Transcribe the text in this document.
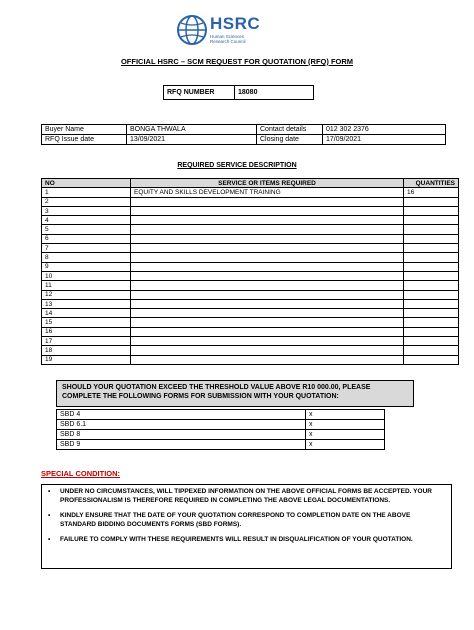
HSRC
Human Sciences
Research Council
OFFICIAL HSRC – SCM REQUEST FOR QUOTATION (RFQ) FORM
RFQ NUMBER	18080
Buyer Name	BONGA THWALA	Contact details	012 302 2376
RFQ Issue date	13/09/2021	Closing date	17/09/2021
REQUIRED SERVICE DESCRIPTION
NO	SERVICE OR ITEMS REQUIRED	QUANTITIES
1	EQUITY AND SKILLS DEVELOPMENT TRAINING	16
2		
3		
4		
5		
6		
7		
8		
9		
10		
11		
12		
13		
14		
15		
16		
17		
18		
19		
SHOULD YOUR QUOTATION EXCEED THE THRESHOLD VALUE ABOVE R10 000.00, PLEASE
COMPLETE THE FOLLOWING FORMS FOR SUBMISSION WITH YOUR QUOTATION:
SBD 4	x
SBD 6.1	x
SBD 8	x
SBD 9	x
SPECIAL CONDITION:
• UNDER NO CIRCUMSTANCES, WILL TIPPEXED INFORMATION ON THE ABOVE OFFICIAL FORMS BE ACCEPTED. YOUR PROFESSIONALISM IS THEREFORE REQUIRED IN COMPLETING THE ABOVE LEGAL DOCUMENTATIONS.
• KINDLY ENSURE THAT THE DATE OF YOUR QUOTATION CORRESPOND TO COMPLETION DATE ON THE ABOVE STANDARD BIDDING DOCUMENTS FORMS (SBD FORMS).
• FAILURE TO COMPLY WITH THESE REQUIREMENTS WILL RESULT IN DISQUALIFICATION OF YOUR QUOTATION.
